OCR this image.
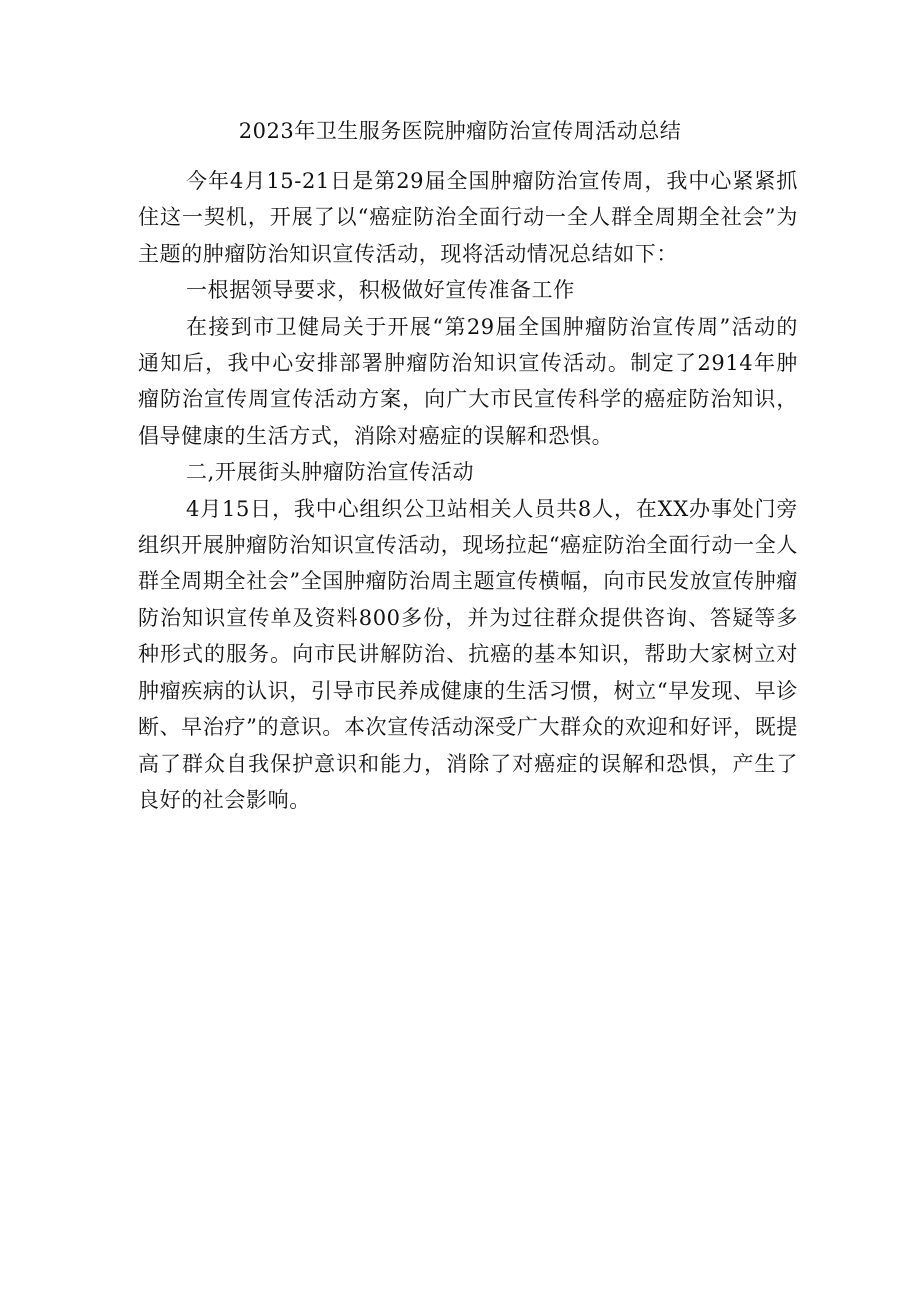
2023年卫生服务医院肿瘤防治宣传周活动总结

今年4月15-21日是第29届全国肿瘤防治宣传周，我中心紧紧抓住这一契机，开展了以“癌症防治全面行动一全人群全周期全社会”为主题的肿瘤防治知识宣传活动，现将活动情况总结如下：

一根据领导要求，积极做好宣传准备工作

在接到市卫健局关于开展“第29届全国肿瘤防治宣传周”活动的通知后，我中心安排部署肿瘤防治知识宣传活动。制定了2914年肿瘤防治宣传周宣传活动方案，向广大市民宣传科学的癌症防治知识，倡导健康的生活方式，消除对癌症的误解和恐惧。

二,开展街头肿瘤防治宣传活动

4月15日，我中心组织公卫站相关人员共8人，在XX办事处门旁组织开展肿瘤防治知识宣传活动，现场拉起“癌症防治全面行动一全人群全周期全社会”全国肿瘤防治周主题宣传横幅，向市民发放宣传肿瘤防治知识宣传单及资料800多份，并为过往群众提供咨询、答疑等多种形式的服务。向市民讲解防治、抗癌的基本知识，帮助大家树立对肿瘤疾病的认识，引导市民养成健康的生活习惯，树立“早发现、早诊断、早治疗”的意识。本次宣传活动深受广大群众的欢迎和好评，既提高了群众自我保护意识和能力，消除了对癌症的误解和恐惧，产生了良好的社会影响。
